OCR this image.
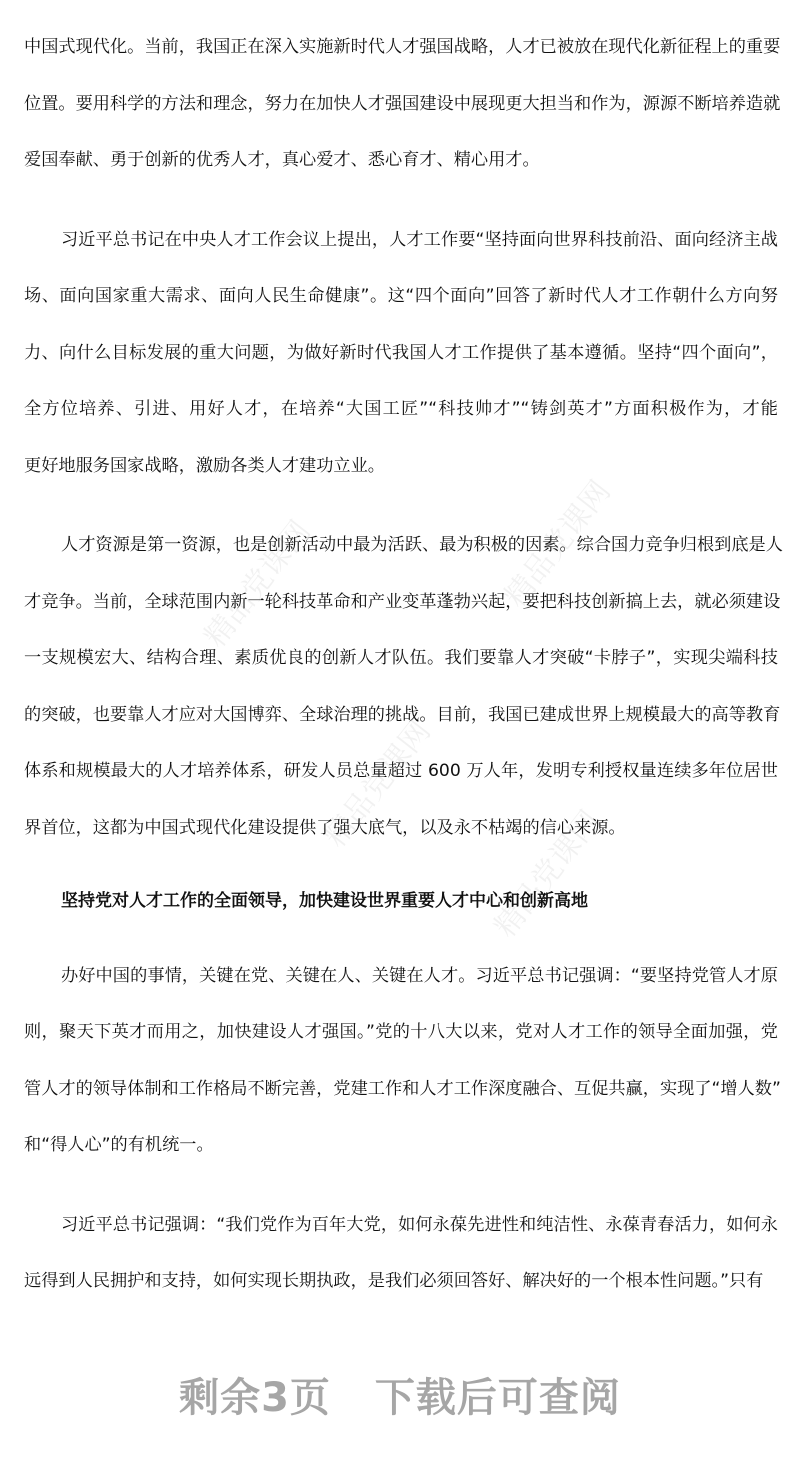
精品党课网	精品党课网
精品党课网
精品党课网
中国式现代化。当前，我国正在深入实施新时代人才强国战略，人才已被放在现代化新征程上的重要
位置。要用科学的方法和理念，努力在加快人才强国建设中展现更大担当和作为，源源不断培养造就
爱国奉献、勇于创新的优秀人才，真心爱才、悉心育才、精心用才。
习近平总书记在中央人才工作会议上提出，人才工作要“坚持面向世界科技前沿、面向经济主战
场、面向国家重大需求、面向人民生命健康”。这“四个面向”回答了新时代人才工作朝什么方向努
力、向什么目标发展的重大问题，为做好新时代我国人才工作提供了基本遵循。坚持“四个面向”，
全方位培养、引进、用好人才，在培养“大国工匠”“科技帅才”“铸剑英才”方面积极作为，才能
更好地服务国家战略，激励各类人才建功立业。
人才资源是第一资源，也是创新活动中最为活跃、最为积极的因素。综合国力竞争归根到底是人
才竞争。当前，全球范围内新一轮科技革命和产业变革蓬勃兴起，要把科技创新搞上去，就必须建设
一支规模宏大、结构合理、素质优良的创新人才队伍。我们要靠人才突破“卡脖子”，实现尖端科技
的突破，也要靠人才应对大国博弈、全球治理的挑战。目前，我国已建成世界上规模最大的高等教育
体系和规模最大的人才培养体系，研发人员总量超过 600 万人年，发明专利授权量连续多年位居世
界首位，这都为中国式现代化建设提供了强大底气，以及永不枯竭的信心来源。
坚持党对人才工作的全面领导，加快建设世界重要人才中心和创新高地
办好中国的事情，关键在党、关键在人、关键在人才。习近平总书记强调：“要坚持党管人才原
则，聚天下英才而用之，加快建设人才强国。”党的十八大以来，党对人才工作的领导全面加强，党
管人才的领导体制和工作格局不断完善，党建工作和人才工作深度融合、互促共赢，实现了“增人数”
和“得人心”的有机统一。
习近平总书记强调：“我们党作为百年大党，如何永葆先进性和纯洁性、永葆青春活力，如何永
远得到人民拥护和支持，如何实现长期执政，是我们必须回答好、解决好的一个根本性问题。”只有
剩余3页 下载后可查阅
